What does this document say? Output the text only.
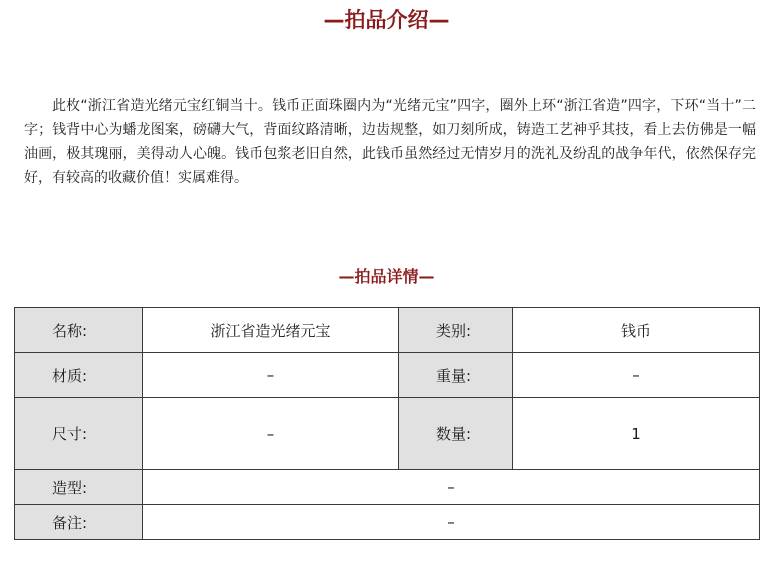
—拍品介绍—

此枚“浙江省造光绪元宝红铜当十。钱币正面珠圈内为“光绪元宝”四字，圈外上环“浙江省造”四字，下环“当十”二字；钱背中心为蟠龙图案，磅礴大气，背面纹路清晰，边齿规整，如刀刻所成，铸造工艺神乎其技，看上去仿佛是一幅油画，极其瑰丽，美得动人心魄。钱币包浆老旧自然，此钱币虽然经过无情岁月的洗礼及纷乱的战争年代，依然保存完好，有较高的收藏价值！实属难得。

—拍品详情—
名称:	浙江省造光绪元宝	类别:	钱币
材质:	–	重量:	–
尺寸:	–	数量:	1
造型:	–		
备注:	–		
